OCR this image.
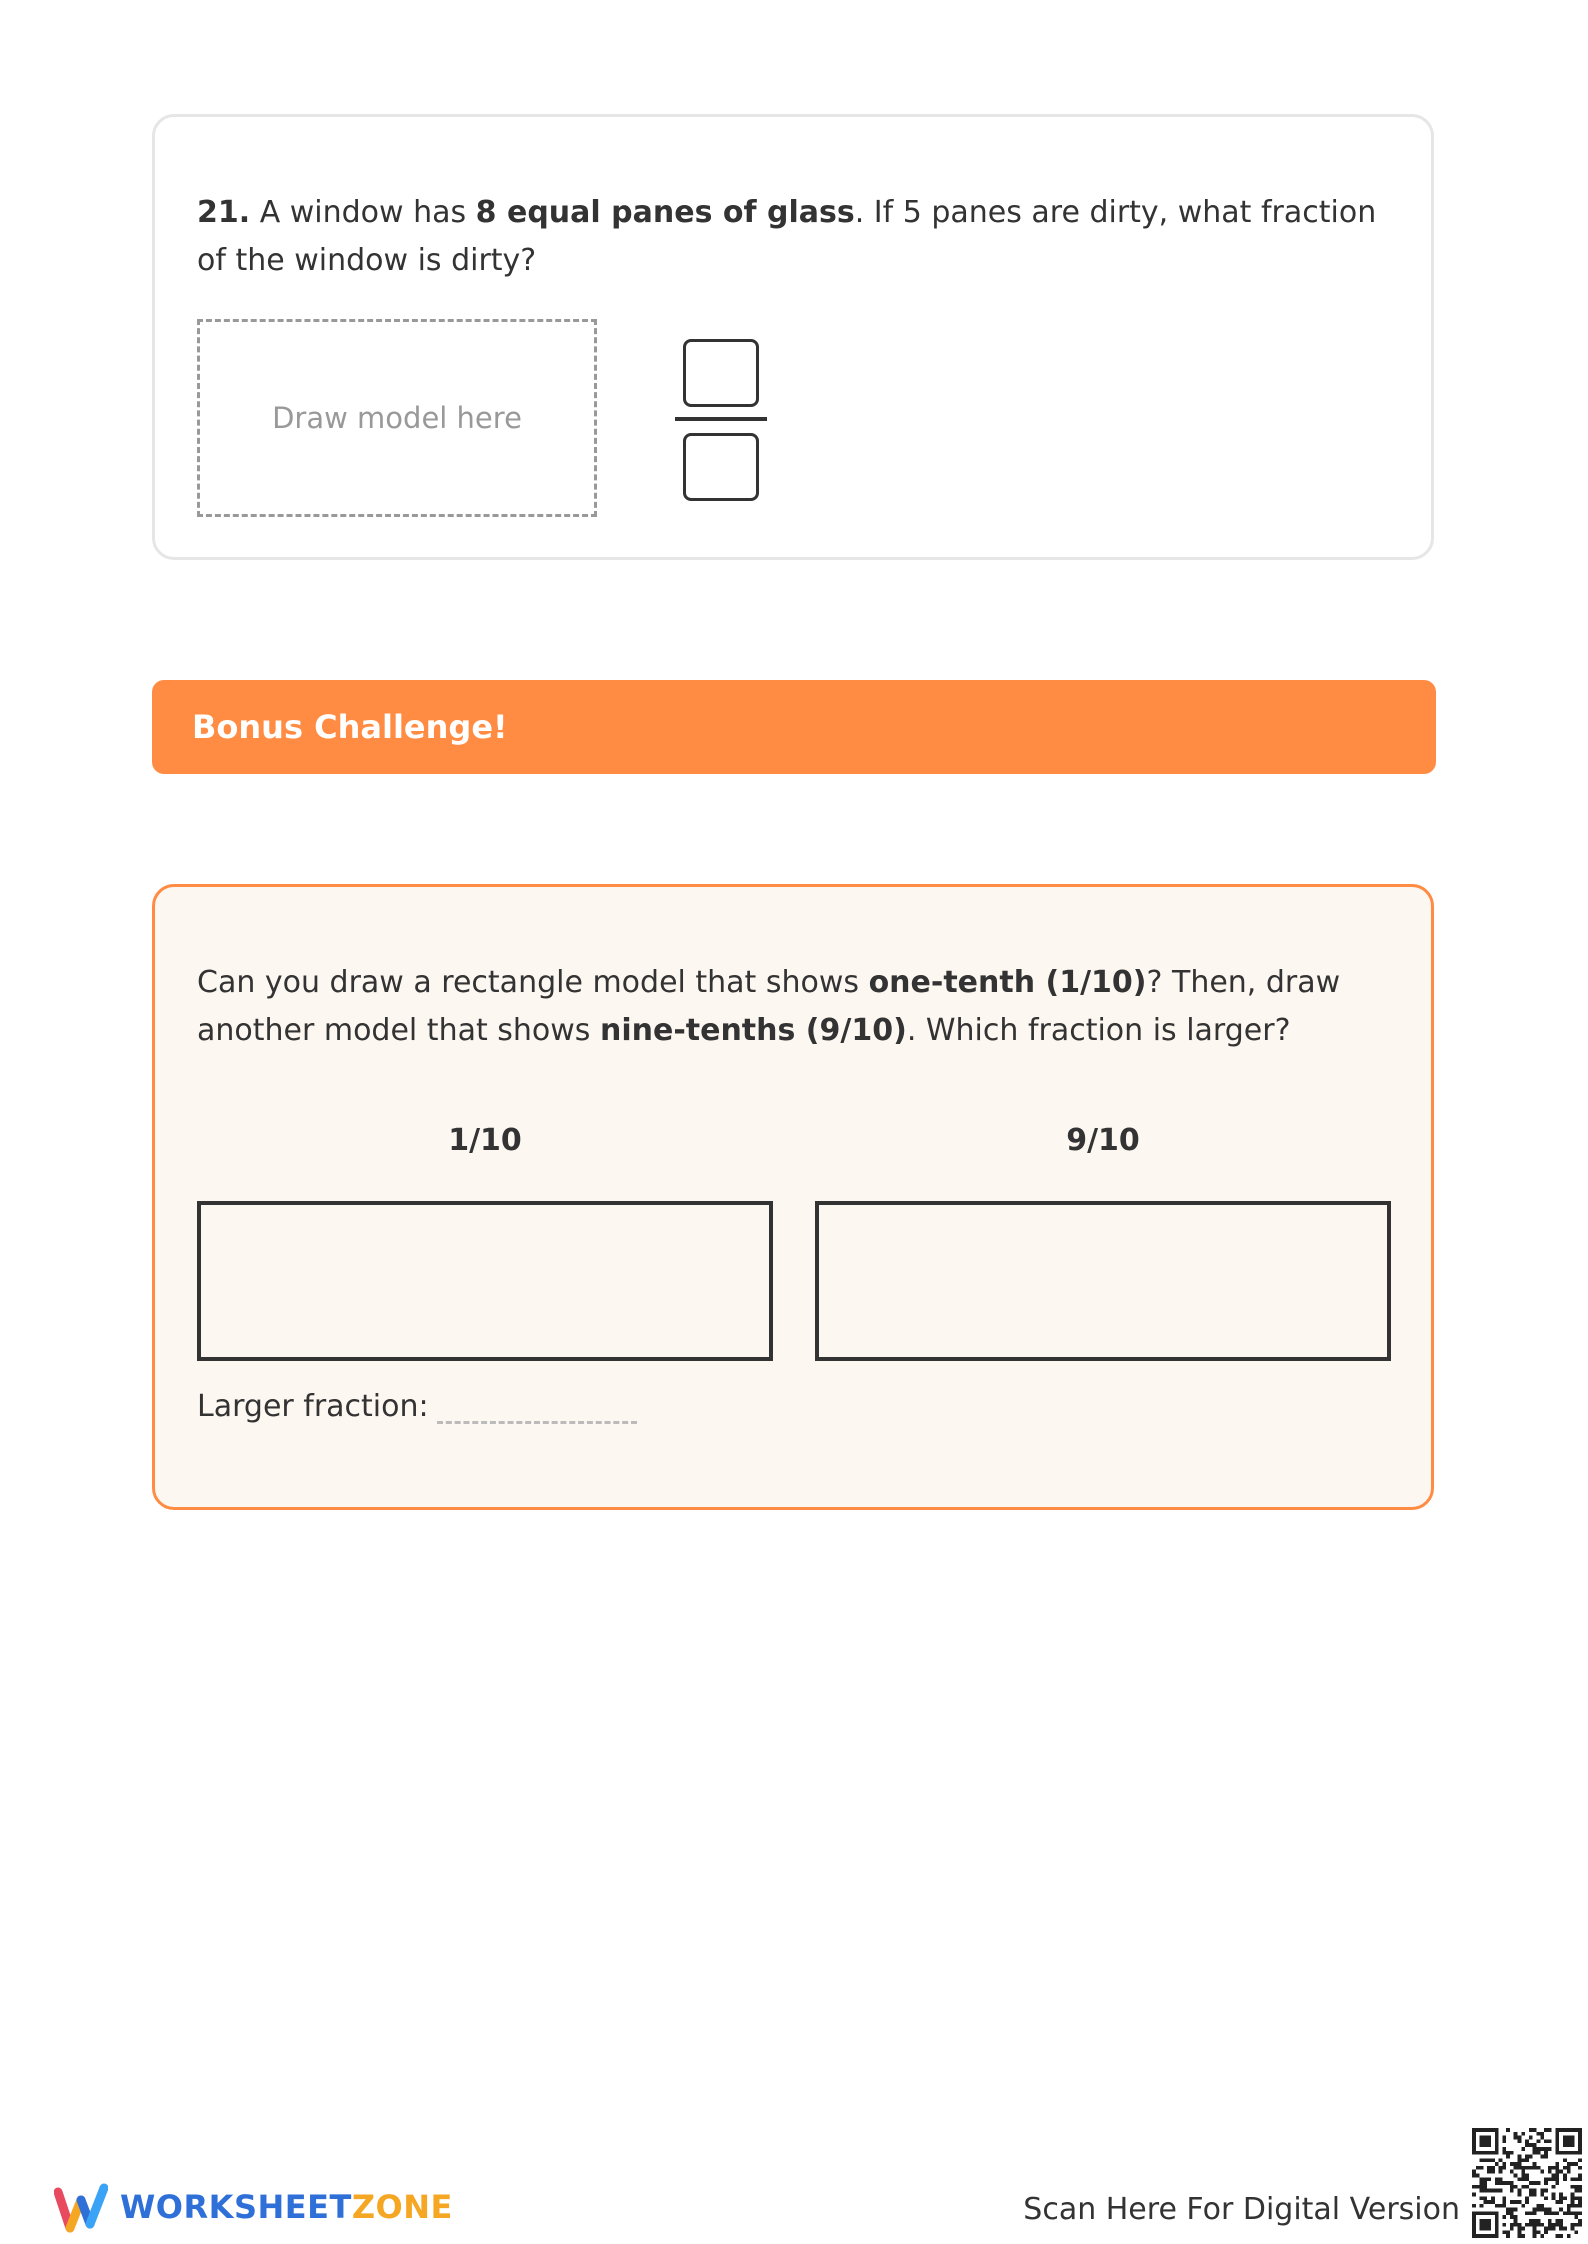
21. A window has 8 equal panes of glass. If 5 panes are dirty, what fraction of the window is dirty?
Draw model here
Bonus Challenge!
Can you draw a rectangle model that shows one-tenth (1/10)? Then, draw another model that shows nine-tenths (9/10). Which fraction is larger?
1/10	9/10
Larger fraction:
WORKSHEETZONE	Scan Here For Digital Version
